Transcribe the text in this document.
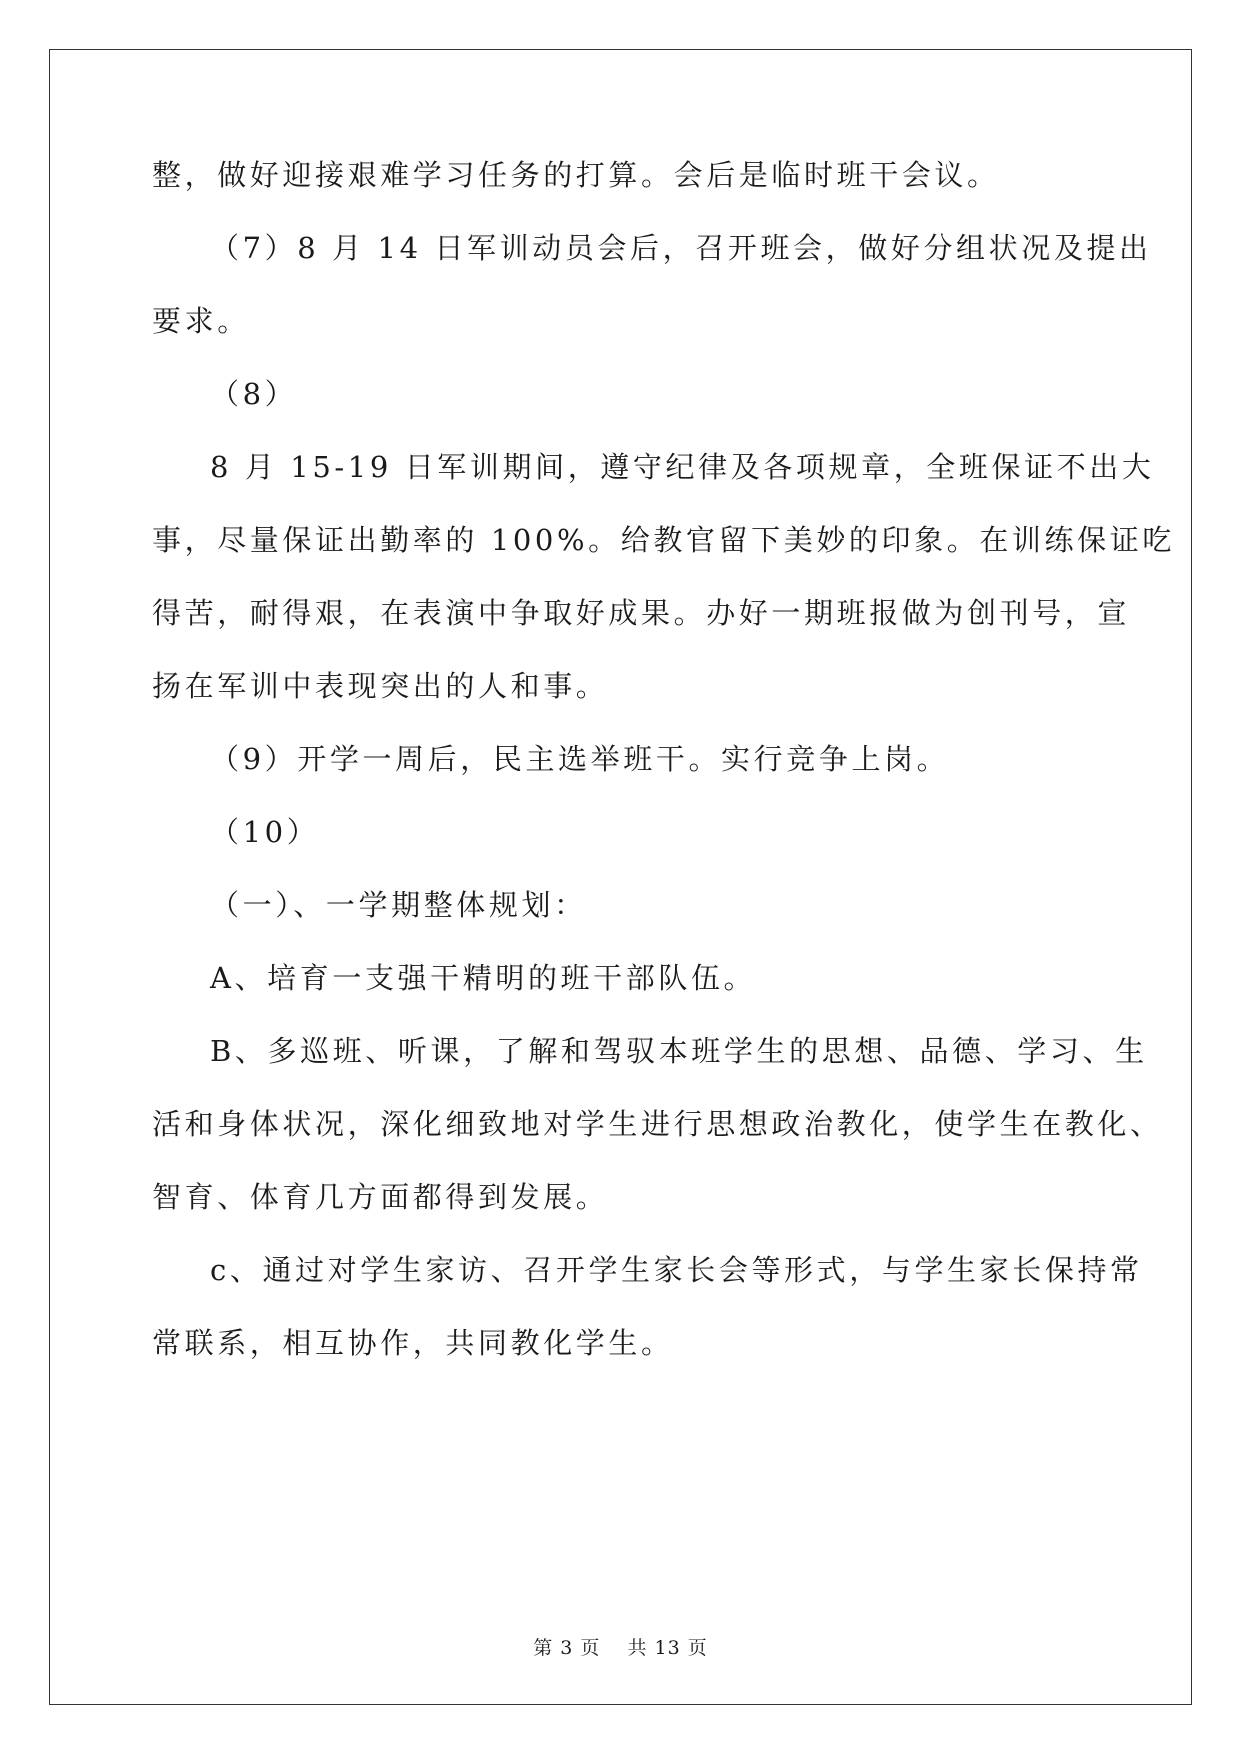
整，做好迎接艰难学习任务的打算。会后是临时班干会议。
（7）8 月 14 日军训动员会后，召开班会，做好分组状况及提出
要求。
（8）
8 月 15-19 日军训期间，遵守纪律及各项规章，全班保证不出大
事，尽量保证出勤率的 100%。给教官留下美妙的印象。在训练保证吃
得苦，耐得艰，在表演中争取好成果。办好一期班报做为创刊号，宣
扬在军训中表现突出的人和事。
（9）开学一周后，民主选举班干。实行竞争上岗。
（10）
（一）、一学期整体规划：
A、培育一支强干精明的班干部队伍。
B、多巡班、听课，了解和驾驭本班学生的思想、品德、学习、生
活和身体状况，深化细致地对学生进行思想政治教化，使学生在教化、
智育、体育几方面都得到发展。
c、通过对学生家访、召开学生家长会等形式，与学生家长保持常
常联系，相互协作，共同教化学生。
第 3 页　 共 13 页
